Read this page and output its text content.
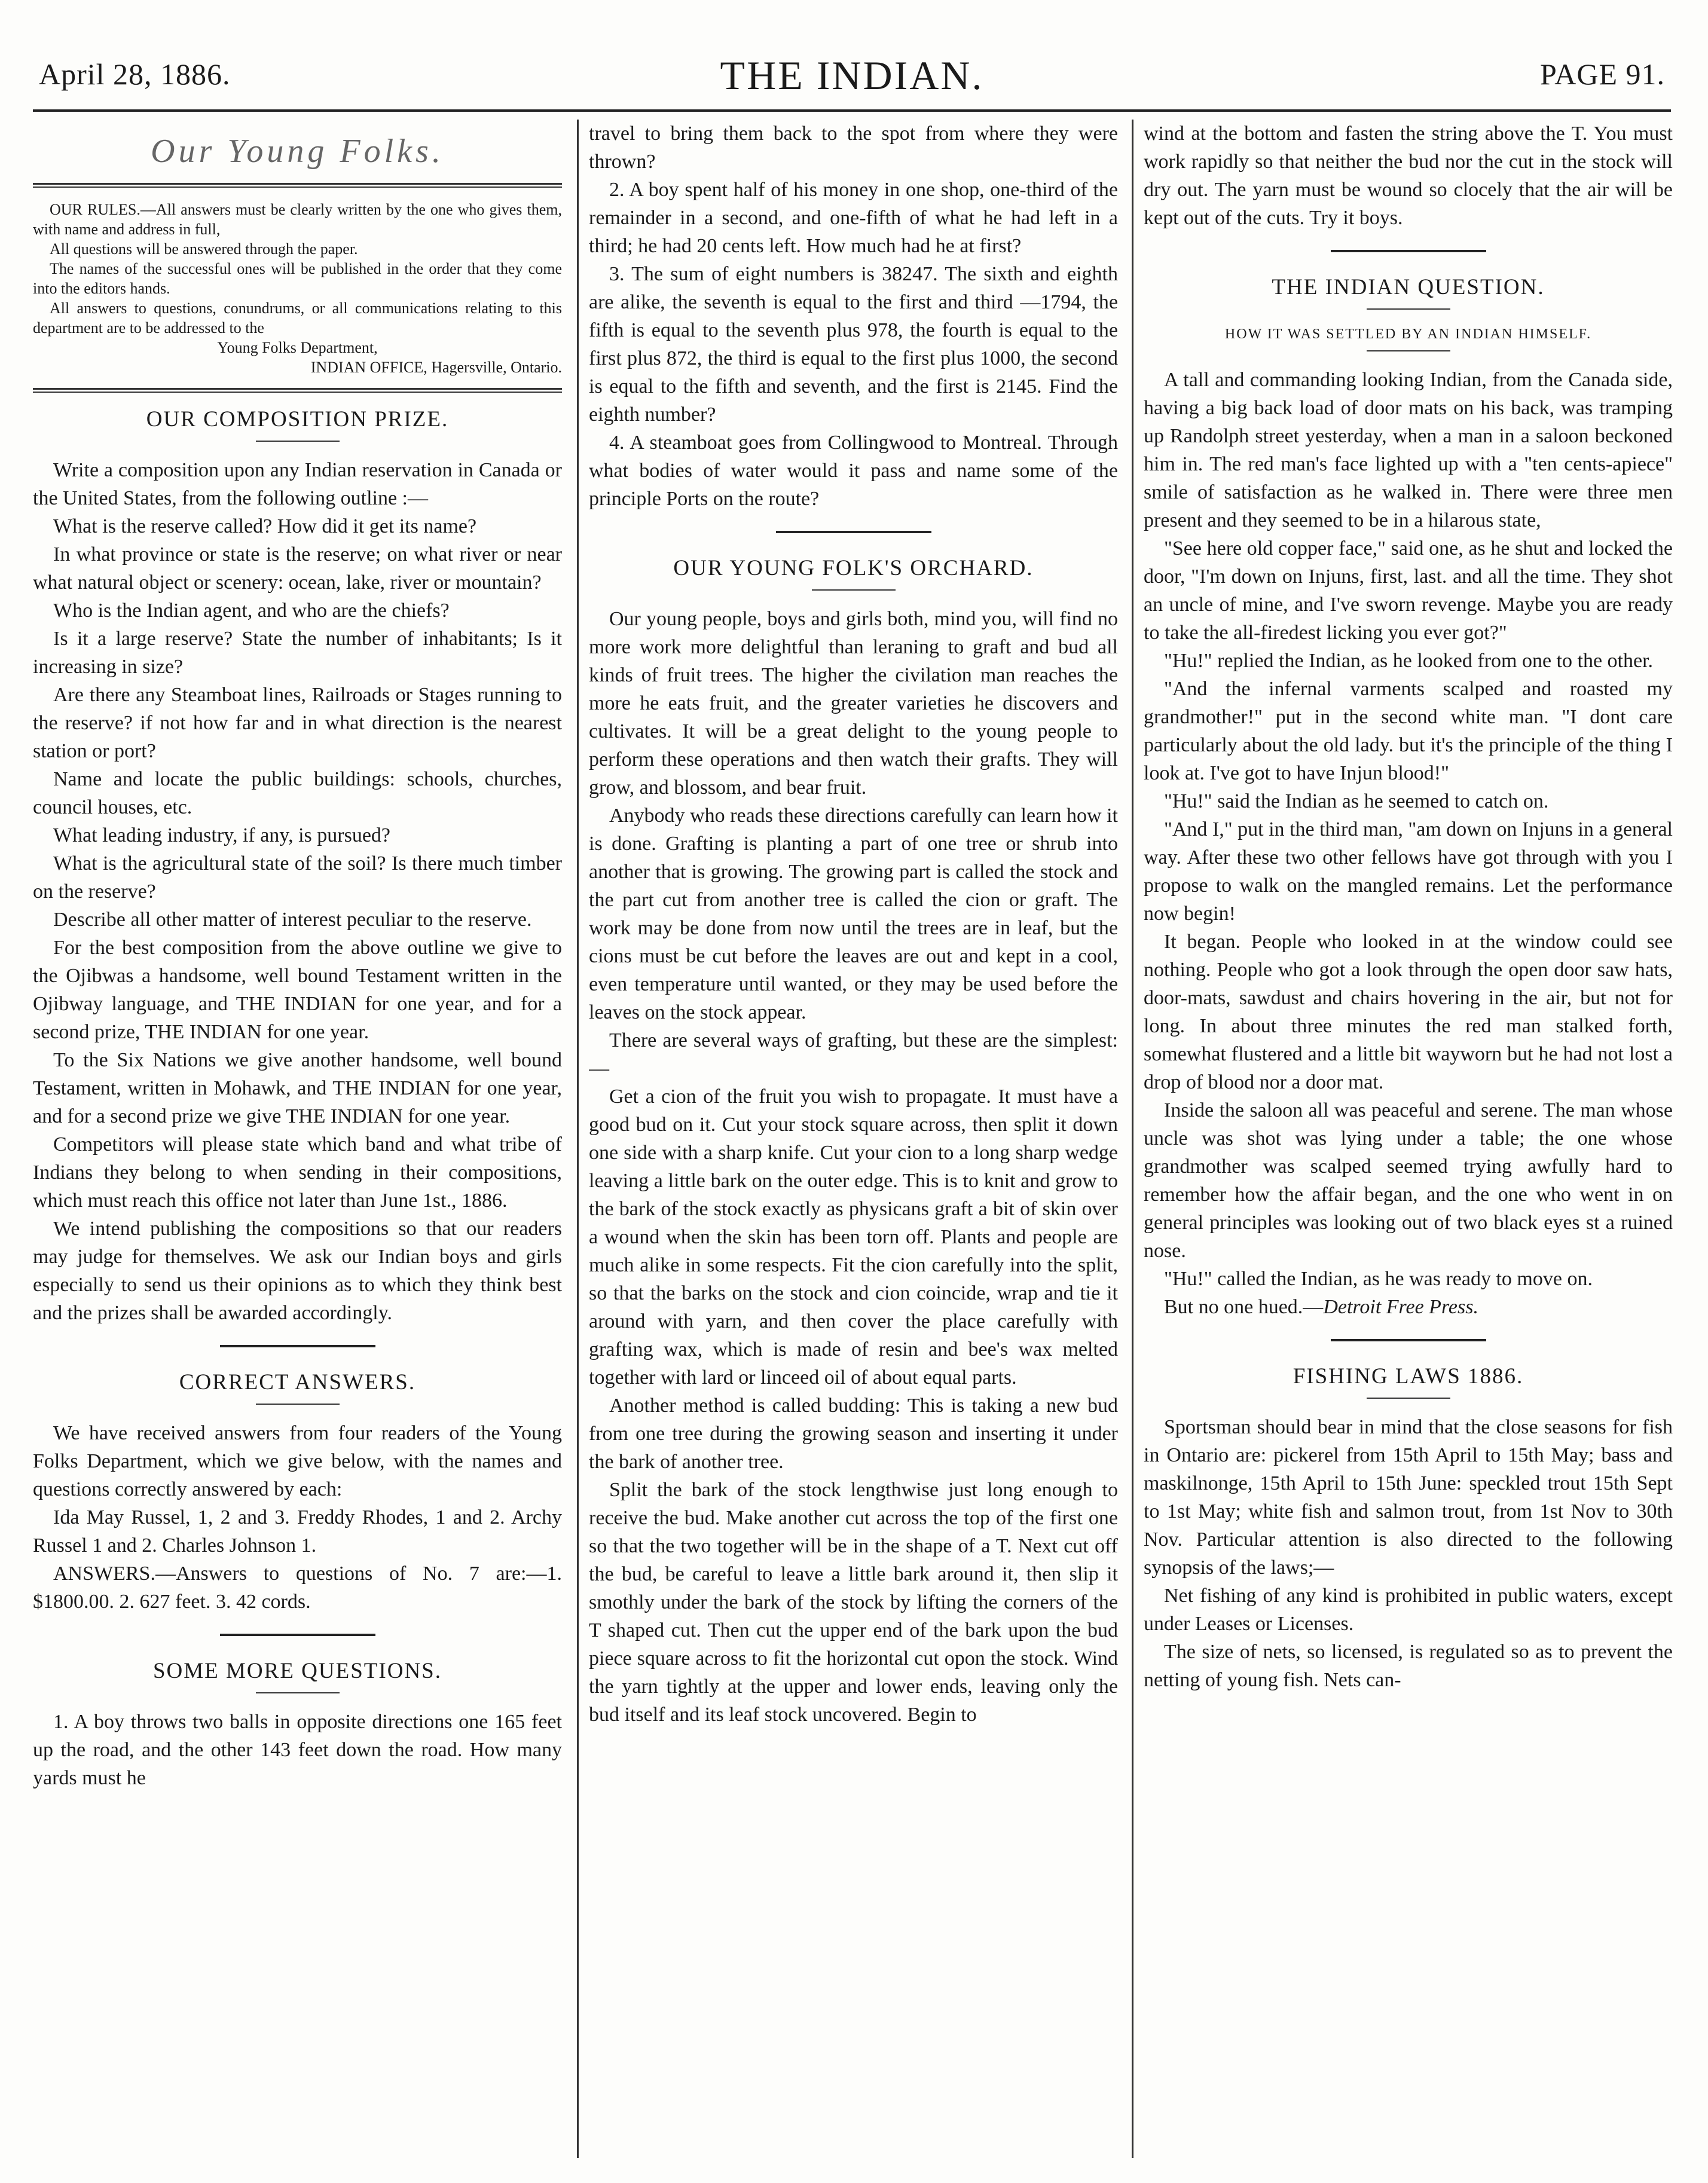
April 28, 1886.	THE INDIAN.	PAGE 91.
Our Young Folks.

OUR RULES.—All answers must be clearly written by the one who gives them, with name and address in full,

All questions will be answered through the paper.

The names of the successful ones will be published in the order that they come into the editors hands.

All answers to questions, conundrums, or all communications relating to this department are to be addressed to the

Young Folks Department,

INDIAN OFFICE, Hagersville, Ontario.

OUR COMPOSITION PRIZE.

Write a composition upon any Indian reservation in Canada or the United States, from the following outline :—

What is the reserve called? How did it get its name?

In what province or state is the reserve; on what river or near what natural object or scenery: ocean, lake, river or mountain?

Who is the Indian agent, and who are the chiefs?

Is it a large reserve? State the number of inhabitants; Is it increasing in size?

Are there any Steamboat lines, Railroads or Stages running to the reserve? if not how far and in what direction is the nearest station or port?

Name and locate the public buildings: schools, churches, council houses, etc.

What leading industry, if any, is pursued?

What is the agricultural state of the soil? Is there much timber on the reserve?

Describe all other matter of interest peculiar to the reserve.

For the best composition from the above outline we give to the Ojibwas a handsome, well bound Testament written in the Ojibway language, and THE INDIAN for one year, and for a second prize, THE INDIAN for one year.

To the Six Nations we give another handsome, well bound Testament, written in Mohawk, and THE INDIAN for one year, and for a second prize we give THE INDIAN for one year.

Competitors will please state which band and what tribe of Indians they belong to when sending in their compositions, which must reach this office not later than June 1st., 1886.

We intend publishing the compositions so that our readers may judge for themselves. We ask our Indian boys and girls especially to send us their opinions as to which they think best and the prizes shall be awarded accordingly.

CORRECT ANSWERS.

We have received answers from four readers of the Young Folks Department, which we give below, with the names and questions correctly answered by each:

Ida May Russel, 1, 2 and 3. Freddy Rhodes, 1 and 2. Archy Russel 1 and 2. Charles Johnson 1.

ANSWERS.—Answers to questions of No. 7 are:—1. $1800.00. 2. 627 feet. 3. 42 cords.

SOME MORE QUESTIONS.

1. A boy throws two balls in opposite directions one 165 feet up the road, and the other 143 feet down the road. How many yards must he

travel to bring them back to the spot from where they were thrown?

2. A boy spent half of his money in one shop, one-third of the remainder in a second, and one-fifth of what he had left in a third; he had 20 cents left. How much had he at first?

3. The sum of eight numbers is 38247. The sixth and eighth are alike, the seventh is equal to the first and third —1794, the fifth is equal to the seventh plus 978, the fourth is equal to the first plus 872, the third is equal to the first plus 1000, the second is equal to the fifth and seventh, and the first is 2145. Find the eighth number?

4. A steamboat goes from Collingwood to Montreal. Through what bodies of water would it pass and name some of the principle Ports on the route?

OUR YOUNG FOLK'S ORCHARD.

Our young people, boys and girls both, mind you, will find no more work more delightful than leraning to graft and bud all kinds of fruit trees. The higher the civilation man reaches the more he eats fruit, and the greater varieties he discovers and cultivates. It will be a great delight to the young people to perform these operations and then watch their grafts. They will grow, and blossom, and bear fruit.

Anybody who reads these directions carefully can learn how it is done. Grafting is planting a part of one tree or shrub into another that is growing. The growing part is called the stock and the part cut from another tree is called the cion or graft. The work may be done from now until the trees are in leaf, but the cions must be cut before the leaves are out and kept in a cool, even temperature until wanted, or they may be used before the leaves on the stock appear.

There are several ways of grafting, but these are the simplest:—

Get a cion of the fruit you wish to propagate. It must have a good bud on it. Cut your stock square across, then split it down one side with a sharp knife. Cut your cion to a long sharp wedge leaving a little bark on the outer edge. This is to knit and grow to the bark of the stock exactly as physicans graft a bit of skin over a wound when the skin has been torn off. Plants and people are much alike in some respects. Fit the cion carefully into the split, so that the barks on the stock and cion coincide, wrap and tie it around with yarn, and then cover the place carefully with grafting wax, which is made of resin and bee's wax melted together with lard or linceed oil of about equal parts.

Another method is called budding: This is taking a new bud from one tree during the growing season and inserting it under the bark of another tree.

Split the bark of the stock lengthwise just long enough to receive the bud. Make another cut across the top of the first one so that the two together will be in the shape of a T. Next cut off the bud, be careful to leave a little bark around it, then slip it smothly under the bark of the stock by lifting the corners of the T shaped cut. Then cut the upper end of the bark upon the bud piece square across to fit the horizontal cut opon the stock. Wind the yarn tightly at the upper and lower ends, leaving only the bud itself and its leaf stock uncovered. Begin to

wind at the bottom and fasten the string above the T. You must work rapidly so that neither the bud nor the cut in the stock will dry out. The yarn must be wound so clocely that the air will be kept out of the cuts. Try it boys.

THE INDIAN QUESTION.
HOW IT WAS SETTLED BY AN INDIAN HIMSELF.

A tall and commanding looking Indian, from the Canada side, having a big back load of door mats on his back, was tramping up Randolph street yesterday, when a man in a saloon beckoned him in. The red man's face lighted up with a "ten cents-apiece" smile of satisfaction as he walked in. There were three men present and they seemed to be in a hilarous state,

"See here old copper face," said one, as he shut and locked the door, "I'm down on Injuns, first, last. and all the time. They shot an uncle of mine, and I've sworn revenge. Maybe you are ready to take the all-firedest licking you ever got?"

"Hu!" replied the Indian, as he looked from one to the other.

"And the infernal varments scalped and roasted my grandmother!" put in the second white man. "I dont care particularly about the old lady. but it's the principle of the thing I look at. I've got to have Injun blood!"

"Hu!" said the Indian as he seemed to catch on.

"And I," put in the third man, "am down on Injuns in a general way. After these two other fellows have got through with you I propose to walk on the mangled remains. Let the performance now begin!

It began. People who looked in at the window could see nothing. People who got a look through the open door saw hats, door-mats, sawdust and chairs hovering in the air, but not for long. In about three minutes the red man stalked forth, somewhat flustered and a little bit wayworn but he had not lost a drop of blood nor a door mat.

Inside the saloon all was peaceful and serene. The man whose uncle was shot was lying under a table; the one whose grandmother was scalped seemed trying awfully hard to remember how the affair began, and the one who went in on general principles was looking out of two black eyes st a ruined nose.

"Hu!" called the Indian, as he was ready to move on.

But no one hued.—Detroit Free Press.

FISHING LAWS 1886.

Sportsman should bear in mind that the close seasons for fish in Ontario are: pickerel from 15th April to 15th May; bass and maskilnonge, 15th April to 15th June: speckled trout 15th Sept to 1st May; white fish and salmon trout, from 1st Nov to 30th Nov. Particular attention is also directed to the following synopsis of the laws;—

Net fishing of any kind is prohibited in public waters, except under Leases or Licenses.

The size of nets, so licensed, is regulated so as to prevent the netting of young fish. Nets can-
